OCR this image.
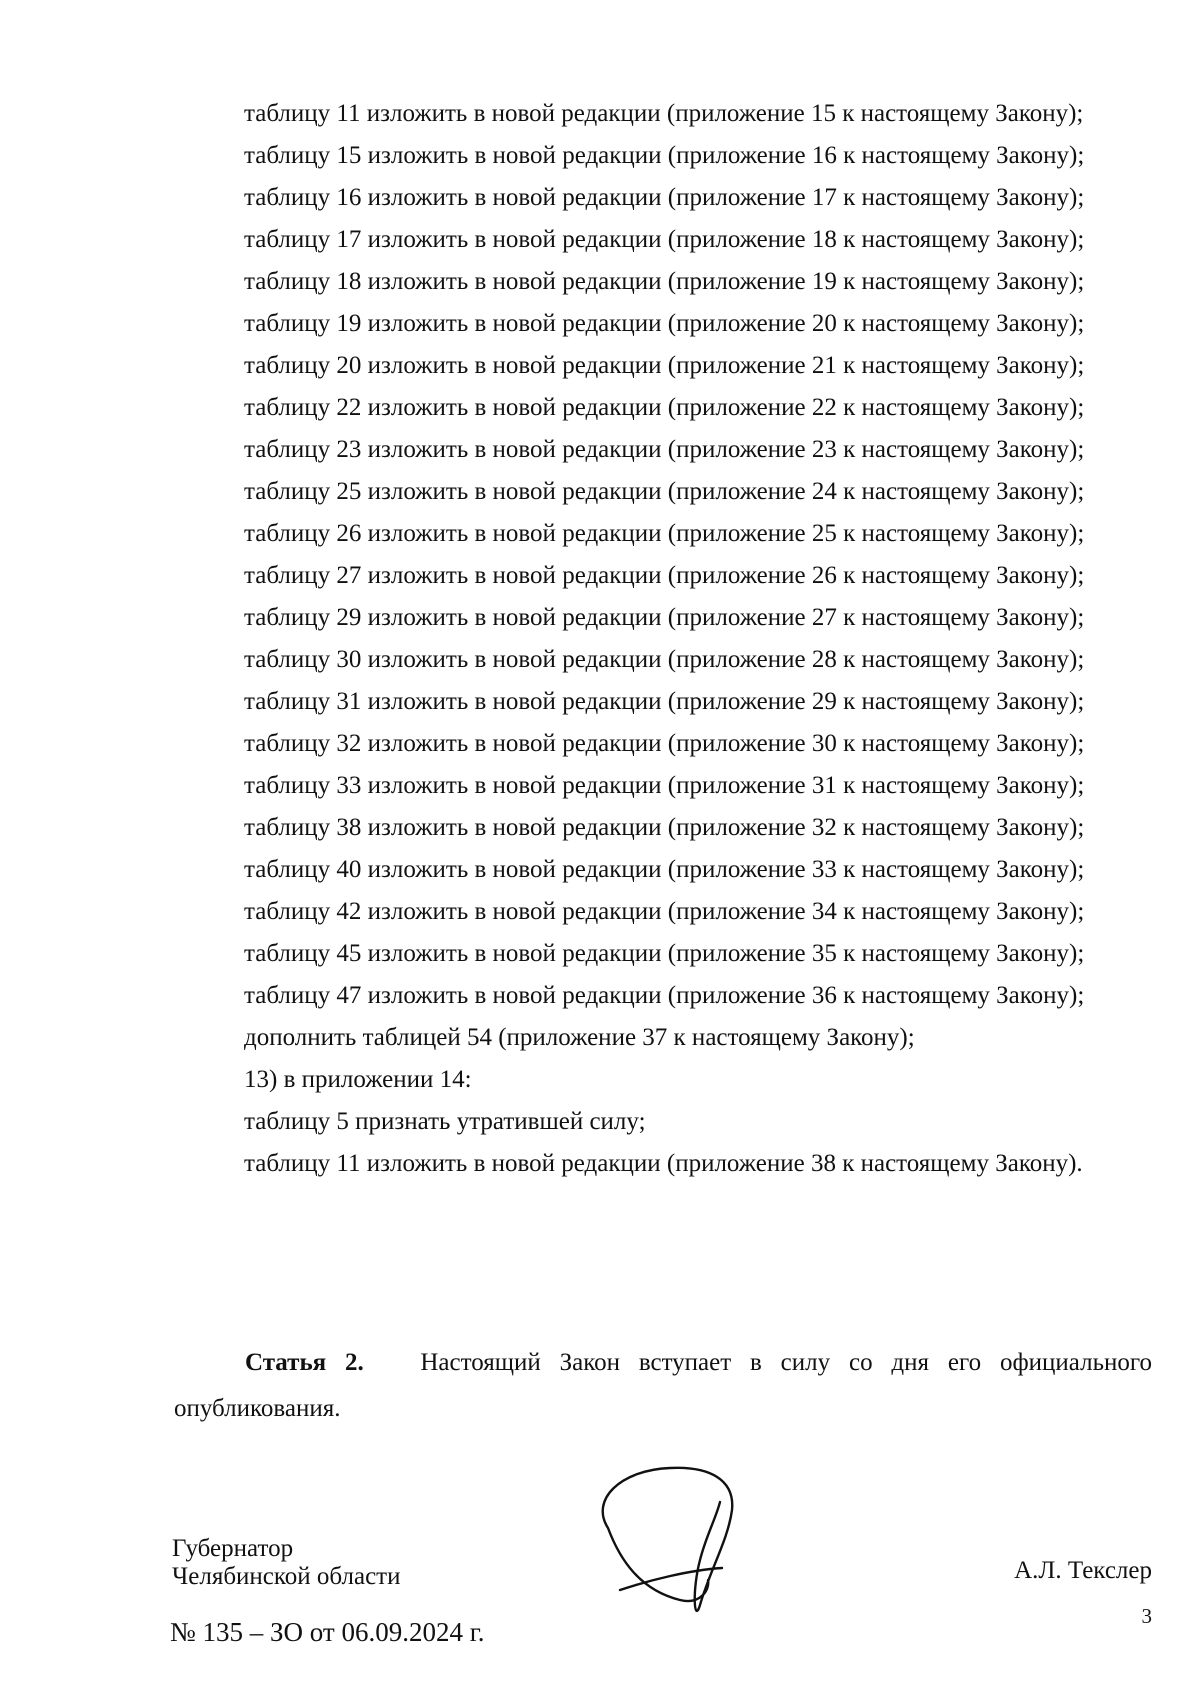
таблицу 11 изложить в новой редакции (приложение 15 к настоящему Закону);
таблицу 15 изложить в новой редакции (приложение 16 к настоящему Закону);
таблицу 16 изложить в новой редакции (приложение 17 к настоящему Закону);
таблицу 17 изложить в новой редакции (приложение 18 к настоящему Закону);
таблицу 18 изложить в новой редакции (приложение 19 к настоящему Закону);
таблицу 19 изложить в новой редакции (приложение 20 к настоящему Закону);
таблицу 20 изложить в новой редакции (приложение 21 к настоящему Закону);
таблицу 22 изложить в новой редакции (приложение 22 к настоящему Закону);
таблицу 23 изложить в новой редакции (приложение 23 к настоящему Закону);
таблицу 25 изложить в новой редакции (приложение 24 к настоящему Закону);
таблицу 26 изложить в новой редакции (приложение 25 к настоящему Закону);
таблицу 27 изложить в новой редакции (приложение 26 к настоящему Закону);
таблицу 29 изложить в новой редакции (приложение 27 к настоящему Закону);
таблицу 30 изложить в новой редакции (приложение 28 к настоящему Закону);
таблицу 31 изложить в новой редакции (приложение 29 к настоящему Закону);
таблицу 32 изложить в новой редакции (приложение 30 к настоящему Закону);
таблицу 33 изложить в новой редакции (приложение 31 к настоящему Закону);
таблицу 38 изложить в новой редакции (приложение 32 к настоящему Закону);
таблицу 40 изложить в новой редакции (приложение 33 к настоящему Закону);
таблицу 42 изложить в новой редакции (приложение 34 к настоящему Закону);
таблицу 45 изложить в новой редакции (приложение 35 к настоящему Закону);
таблицу 47 изложить в новой редакции (приложение 36 к настоящему Закону);
дополнить таблицей 54 (приложение 37 к настоящему Закону);
13) в приложении 14:
таблицу 5 признать утратившей силу;
таблицу 11 изложить в новой редакции (приложение 38 к настоящему Закону).
Статья 2. Настоящий Закон вступает в силу со дня его официального опубликования.
Губернатор
Челябинской области	А.Л. Текслер
№ 135 – ЗО от 06.09.2024 г.
3
